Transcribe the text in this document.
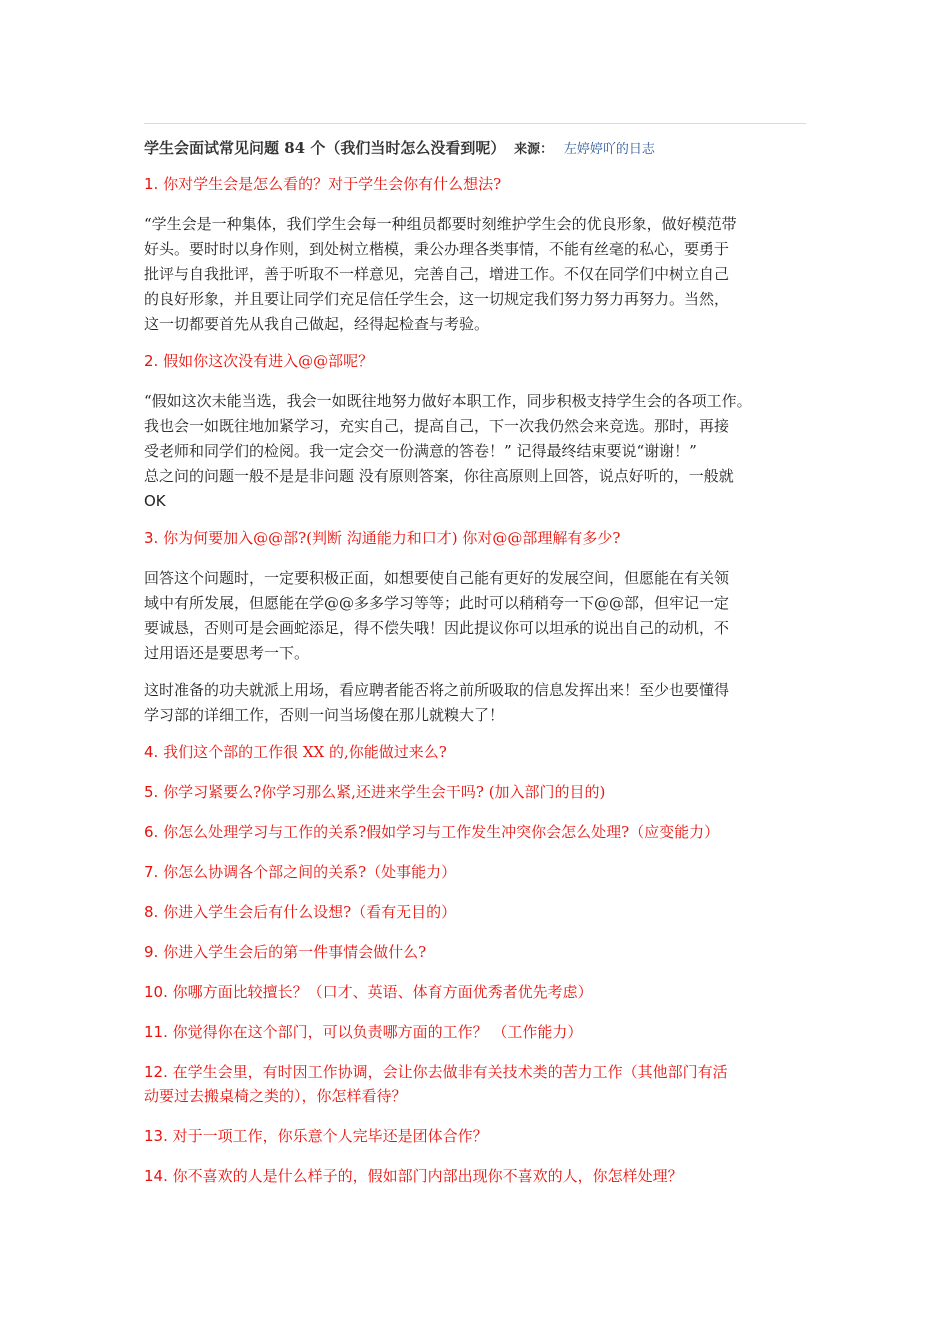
学生会面试常见问题 84 个（我们当时怎么没看到呢） 来源： 左婷婷吖的日志
1. 你对学生会是怎么看的？对于学生会你有什么想法?
“学生会是一种集体，我们学生会每一种组员都要时刻维护学生会的优良形象，做好模范带
好头。要时时以身作则，到处树立楷模，秉公办理各类事情，不能有丝毫的私心，要勇于
批评与自我批评，善于听取不一样意见，完善自己，增进工作。不仅在同学们中树立自己
的良好形象，并且要让同学们充足信任学生会，这一切规定我们努力努力再努力。当然，
这一切都要首先从我自己做起，经得起检查与考验。
2. 假如你这次没有进入@@部呢？
“假如这次未能当选，我会一如既往地努力做好本职工作，同步积极支持学生会的各项工作。
我也会一如既往地加紧学习，充实自己，提高自己，下一次我仍然会来竞选。那时，再接
受老师和同学们的检阅。我一定会交一份满意的答卷！” 记得最终结束要说“谢谢！”
总之问的问题一般不是是非问题 没有原则答案，你往高原则上回答，说点好听的，一般就
OK
3. 你为何要加入@@部?(判断 沟通能力和口才) 你对@@部理解有多少?
回答这个问题时，一定要积极正面，如想要使自己能有更好的发展空间，但愿能在有关领
域中有所发展，但愿能在学@@多多学习等等；此时可以稍稍夸一下@@部，但牢记一定
要诚恳，否则可是会画蛇添足，得不偿失哦！因此提议你可以坦承的说出自己的动机，不
过用语还是要思考一下。
这时准备的功夫就派上用场，看应聘者能否将之前所吸取的信息发挥出来！至少也要懂得
学习部的详细工作，否则一问当场傻在那儿就糗大了！
4. 我们这个部的工作很 XX 的,你能做过来么?
5. 你学习紧要么?你学习那么紧,还进来学生会干吗? (加入部门的目的)
6. 你怎么处理学习与工作的关系?假如学习与工作发生冲突你会怎么处理?（应变能力）
7. 你怎么协调各个部之间的关系?（处事能力）
8. 你进入学生会后有什么设想?（看有无目的）
9. 你进入学生会后的第一件事情会做什么?
10. 你哪方面比较擅长？（口才、英语、体育方面优秀者优先考虑）
11. 你觉得你在这个部门，可以负责哪方面的工作？ （工作能力）
12. 在学生会里，有时因工作协调，会让你去做非有关技术类的苦力工作（其他部门有活
动要过去搬桌椅之类的），你怎样看待？
13. 对于一项工作，你乐意个人完毕还是团体合作？
14. 你不喜欢的人是什么样子的，假如部门内部出现你不喜欢的人，你怎样处理？
